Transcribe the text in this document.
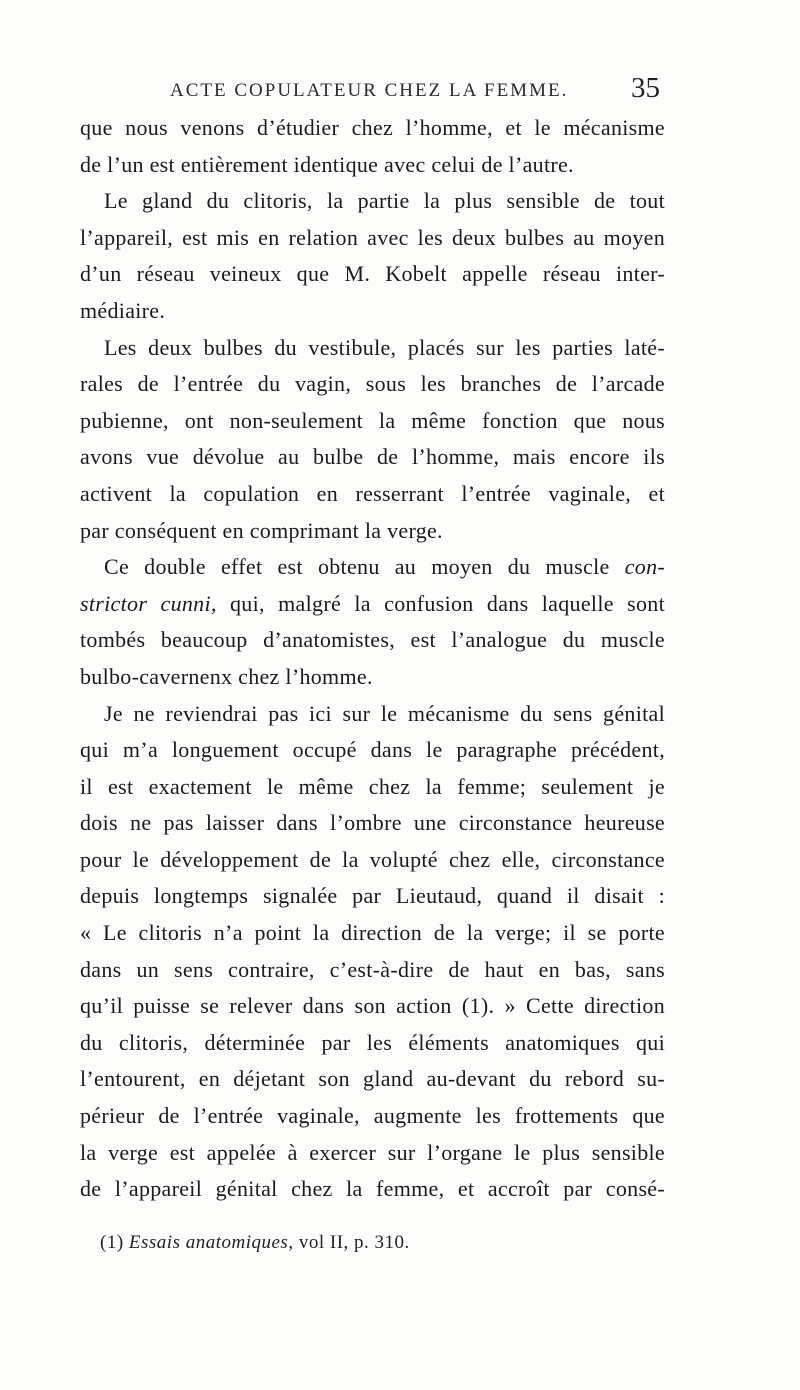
ACTE COPULATEUR CHEZ LA FEMME. 35
que nous venons d’étudier chez l’homme, et le mécanisme
de l’un est entièrement identique avec celui de l’autre.
Le gland du clitoris, la partie la plus sensible de tout
l’appareil, est mis en relation avec les deux bulbes au moyen
d’un réseau veineux que M. Kobelt appelle réseau inter-
médiaire.
Les deux bulbes du vestibule, placés sur les parties laté-
rales de l’entrée du vagin, sous les branches de l’arcade
pubienne, ont non-seulement la même fonction que nous
avons vue dévolue au bulbe de l’homme, mais encore ils
activent la copulation en resserrant l’entrée vaginale, et
par conséquent en comprimant la verge.
Ce double effet est obtenu au moyen du muscle con-
strictor cunni, qui, malgré la confusion dans laquelle sont
tombés beaucoup d’anatomistes, est l’analogue du muscle
bulbo-cavernenx chez l’homme.
Je ne reviendrai pas ici sur le mécanisme du sens génital
qui m’a longuement occupé dans le paragraphe précédent,
il est exactement le même chez la femme; seulement je
dois ne pas laisser dans l’ombre une circonstance heureuse
pour le développement de la volupté chez elle, circonstance
depuis longtemps signalée par Lieutaud, quand il disait :
« Le clitoris n’a point la direction de la verge; il se porte
dans un sens contraire, c’est-à-dire de haut en bas, sans
qu’il puisse se relever dans son action (1). » Cette direction
du clitoris, déterminée par les éléments anatomiques qui
l’entourent, en déjetant son gland au-devant du rebord su-
périeur de l’entrée vaginale, augmente les frottements que
la verge est appelée à exercer sur l’organe le plus sensible
de l’appareil génital chez la femme, et accroît par consé-
(1) Essais anatomiques, vol II, p. 310.
